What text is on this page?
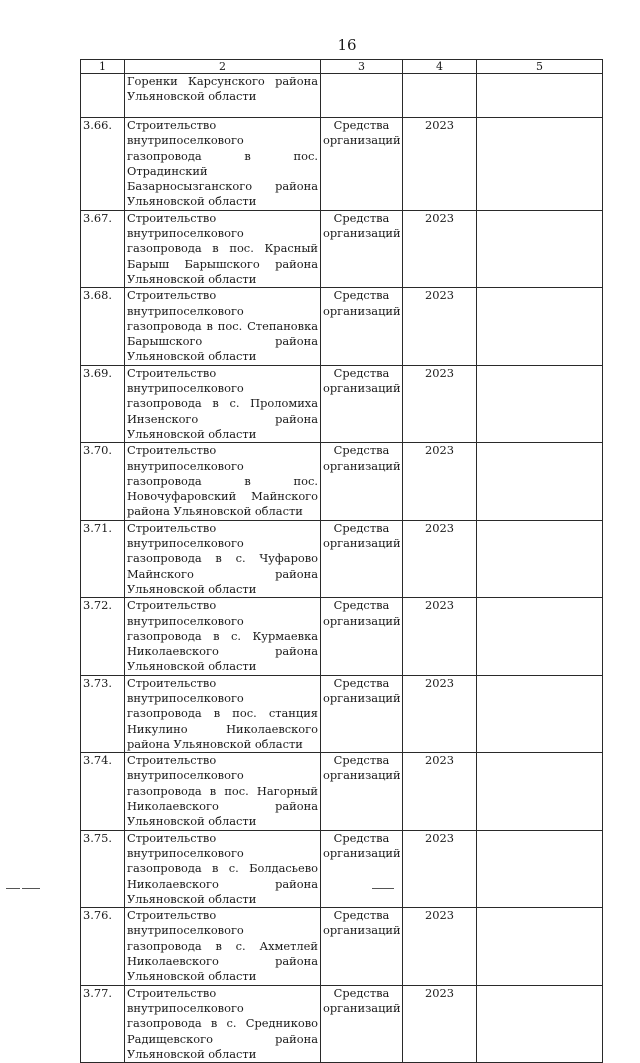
16
1	2	3	4	5
	Горенки Карсунского района Ульяновской области			
3.66.	Строительство внутрипоселкового газопровода в пос. Отрадинский Базарносызганского района Ульяновской области	Средства организаций	2023	
3.67.	Строительство внутрипоселкового газопровода в пос. Красный Барыш Барышского района Ульяновской области	Средства организаций	2023	
3.68.	Строительство внутрипоселкового газопровода в пос. Степановка Барышского района Ульяновской области	Средства организаций	2023	
3.69.	Строительство внутрипоселкового газопровода в с. Проломиха Инзенского района Ульяновской области	Средства организаций	2023	
3.70.	Строительство внутрипоселкового газопровода в пос. Новочуфаровский Майнского района Ульяновской области	Средства организаций	2023	
3.71.	Строительство внутрипоселкового газопровода в с. Чуфарово Майнского района Ульяновской области	Средства организаций	2023	
3.72.	Строительство внутрипоселкового газопровода в с. Курмаевка Николаевского района Ульяновской области	Средства организаций	2023	
3.73.	Строительство внутрипоселкового газопровода в пос. станция Никулино Николаевского района Ульяновской области	Средства организаций	2023	
3.74.	Строительство внутрипоселкового газопровода в пос. Нагорный Николаевского района Ульяновской области	Средства организаций	2023	
3.75.	Строительство внутрипоселкового газопровода в с. Болдасьево Николаевского района Ульяновской области	Средства организаций	2023	
3.76.	Строительство внутрипоселкового газопровода в с. Ахметлей Николаевского района Ульяновской области	Средства организаций	2023	
3.77.	Строительство внутрипоселкового газопровода в с. Средниково Радищевского района Ульяновской области	Средства организаций	2023	
